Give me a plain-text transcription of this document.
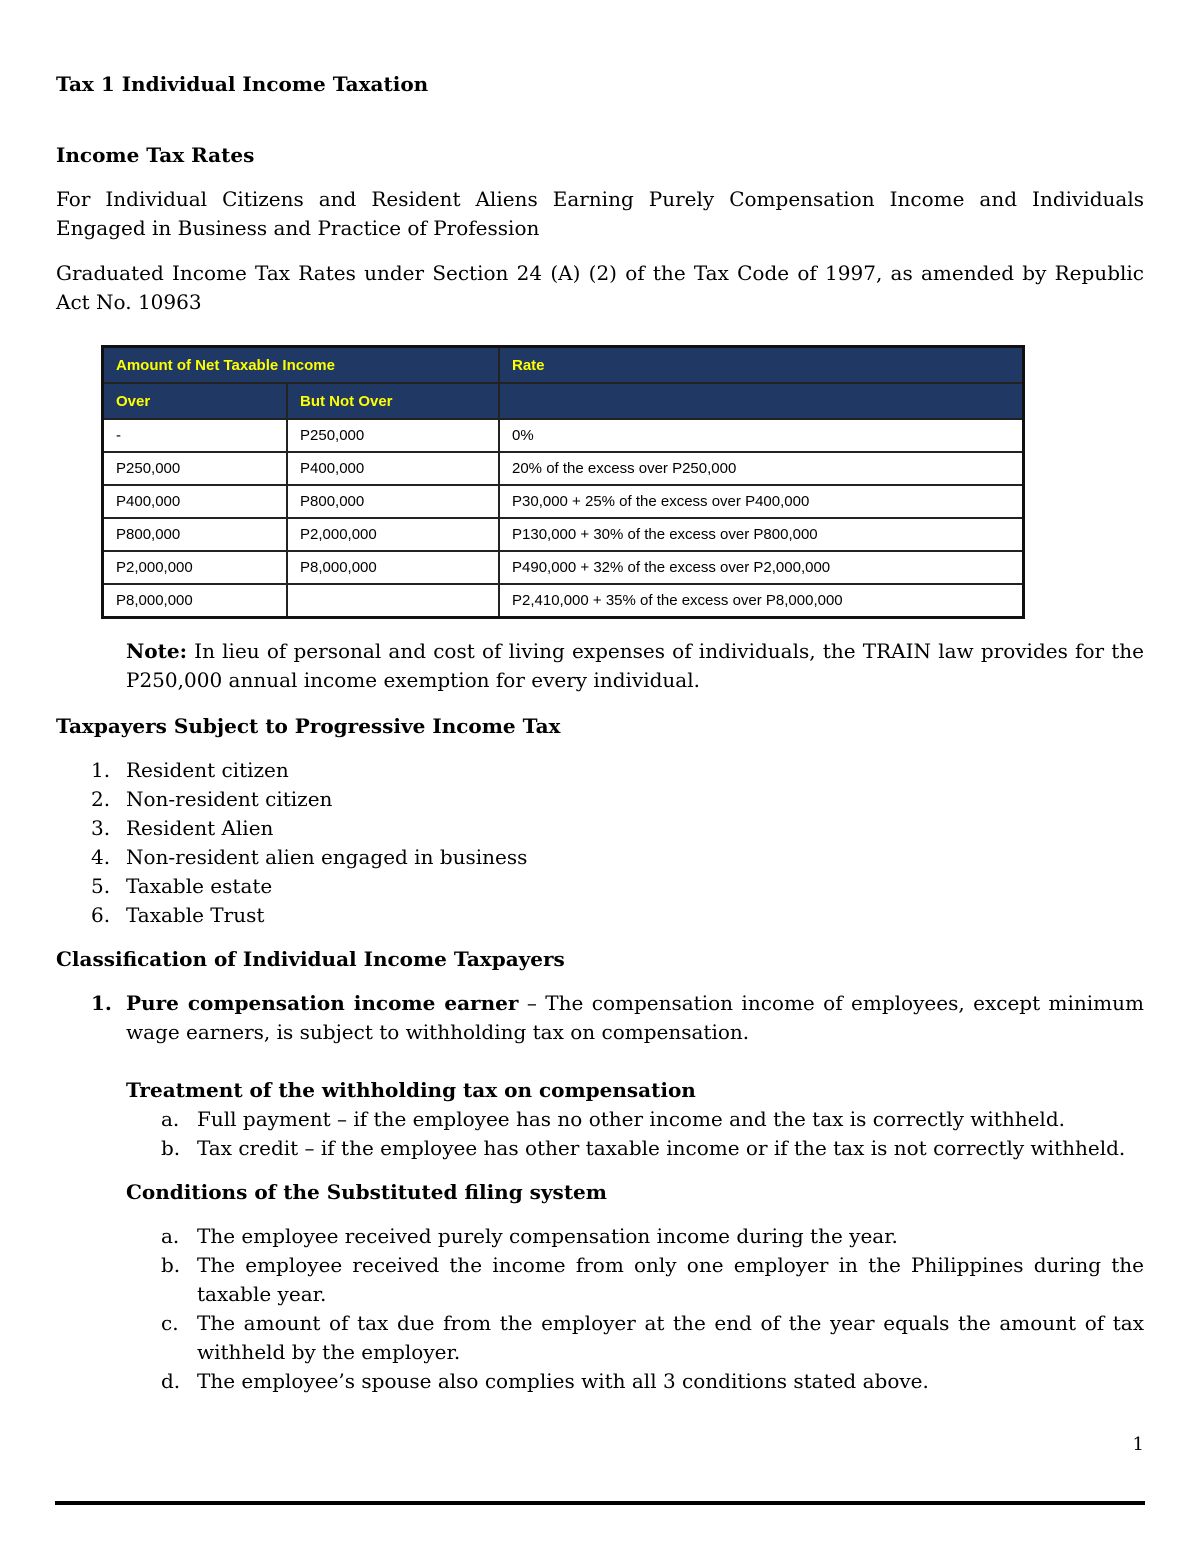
Tax 1 Individual Income Taxation
Income Tax Rates

For Individual Citizens and Resident Aliens Earning Purely Compensation Income and Individuals Engaged in Business and Practice of Profession

Graduated Income Tax Rates under Section 24 (A) (2) of the Tax Code of 1997, as amended by Republic Act No. 10963

Amount of Net Taxable Income		Rate
Over	But Not Over	
-	P250,000	0%
P250,000	P400,000	20% of the excess over P250,000
P400,000	P800,000	P30,000 + 25% of the excess over P400,000
P800,000	P2,000,000	P130,000 + 30% of the excess over P800,000
P2,000,000	P8,000,000	P490,000 + 32% of the excess over P2,000,000
P8,000,000		P2,410,000 + 35% of the excess over P8,000,000

Note: In lieu of personal and cost of living expenses of individuals, the TRAIN law provides for the P250,000 annual income exemption for every individual.

Taxpayers Subject to Progressive Income Tax
1. Resident citizen
2. Non-resident citizen
3. Resident Alien
4. Non-resident alien engaged in business
5. Taxable estate
6. Taxable Trust
Classification of Individual Income Taxpayers
1. Pure compensation income earner – The compensation income of employees, except minimum wage earners, is subject to withholding tax on compensation.
Treatment of the withholding tax on compensation
a. Full payment – if the employee has no other income and the tax is correctly withheld.
b. Tax credit – if the employee has other taxable income or if the tax is not correctly withheld.
Conditions of the Substituted filing system
a. The employee received purely compensation income during the year.
b. The employee received the income from only one employer in the Philippines during the taxable year.
c. The amount of tax due from the employer at the end of the year equals the amount of tax withheld by the employer.
d. The employee’s spouse also complies with all 3 conditions stated above.
1
